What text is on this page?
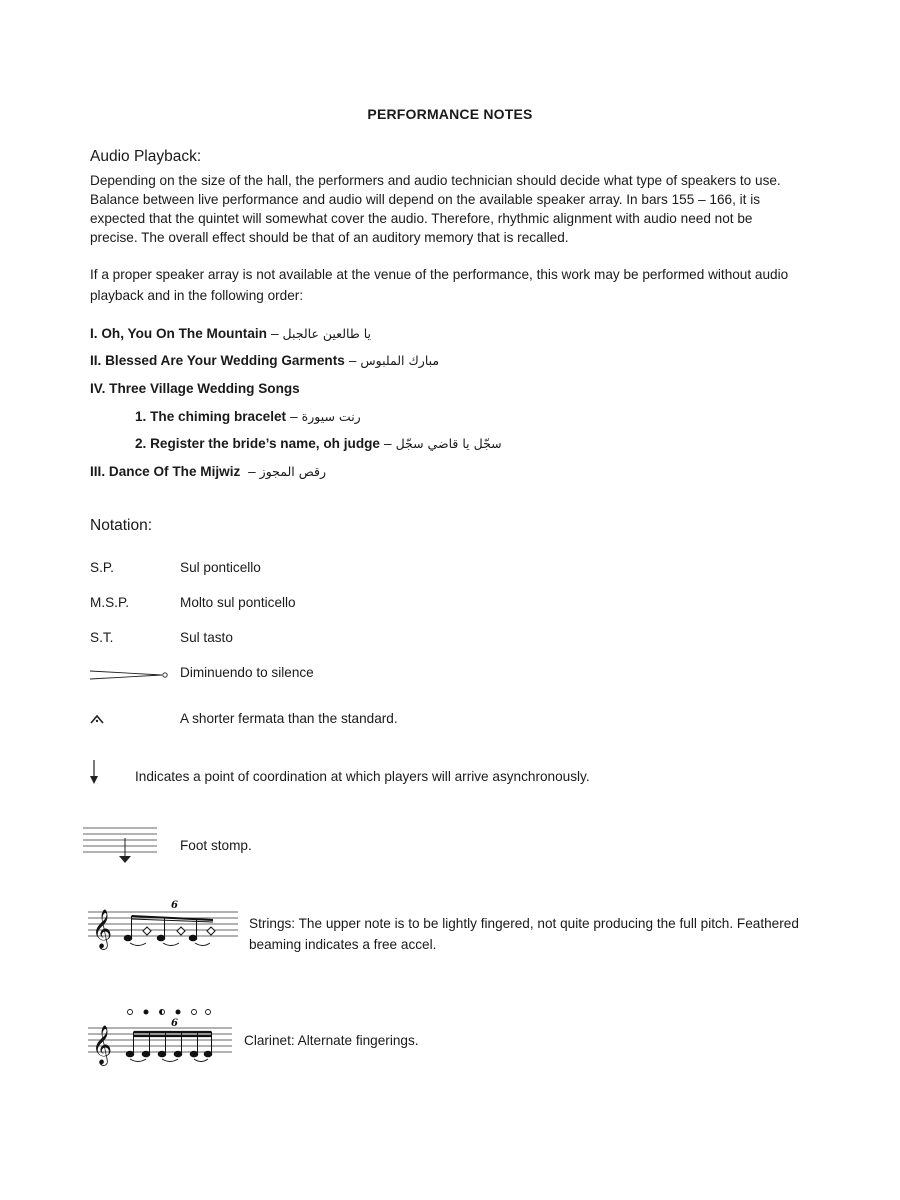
PERFORMANCE NOTES
Audio Playback:
Depending on the size of the hall, the performers and audio technician should decide what type of speakers to use.
Balance between live performance and audio will depend on the available speaker array. In bars 155 – 166, it is
expected that the quintet will somewhat cover the audio. Therefore, rhythmic alignment with audio need not be
precise. The overall effect should be that of an auditory memory that is recalled.
If a proper speaker array is not available at the venue of the performance, this work may be performed without audio
playback and in the following order:
I. Oh, You On The Mountain – يا طالعين عالجبل
II. Blessed Are Your Wedding Garments – مبارك الملبوس
IV. Three Village Wedding Songs
1. The chiming bracelet – رنت سيورة
2. Register the bride’s name, oh judge – سجّل يا قاضي سجّل
III. Dance Of The Mijwiz – رقص المجوز
Notation:
S.P.	Sul ponticello
M.S.P.	Molto sul ponticello
S.T.	Sul tasto
Diminuendo to silence
A shorter fermata than the standard.
Indicates a point of coordination at which players will arrive asynchronously.
Foot stomp.
𝄞
6
Strings: The upper note is to be lightly fingered, not quite producing the full pitch. Feathered
beaming indicates a free accel.
𝄞
6
Clarinet: Alternate fingerings.
